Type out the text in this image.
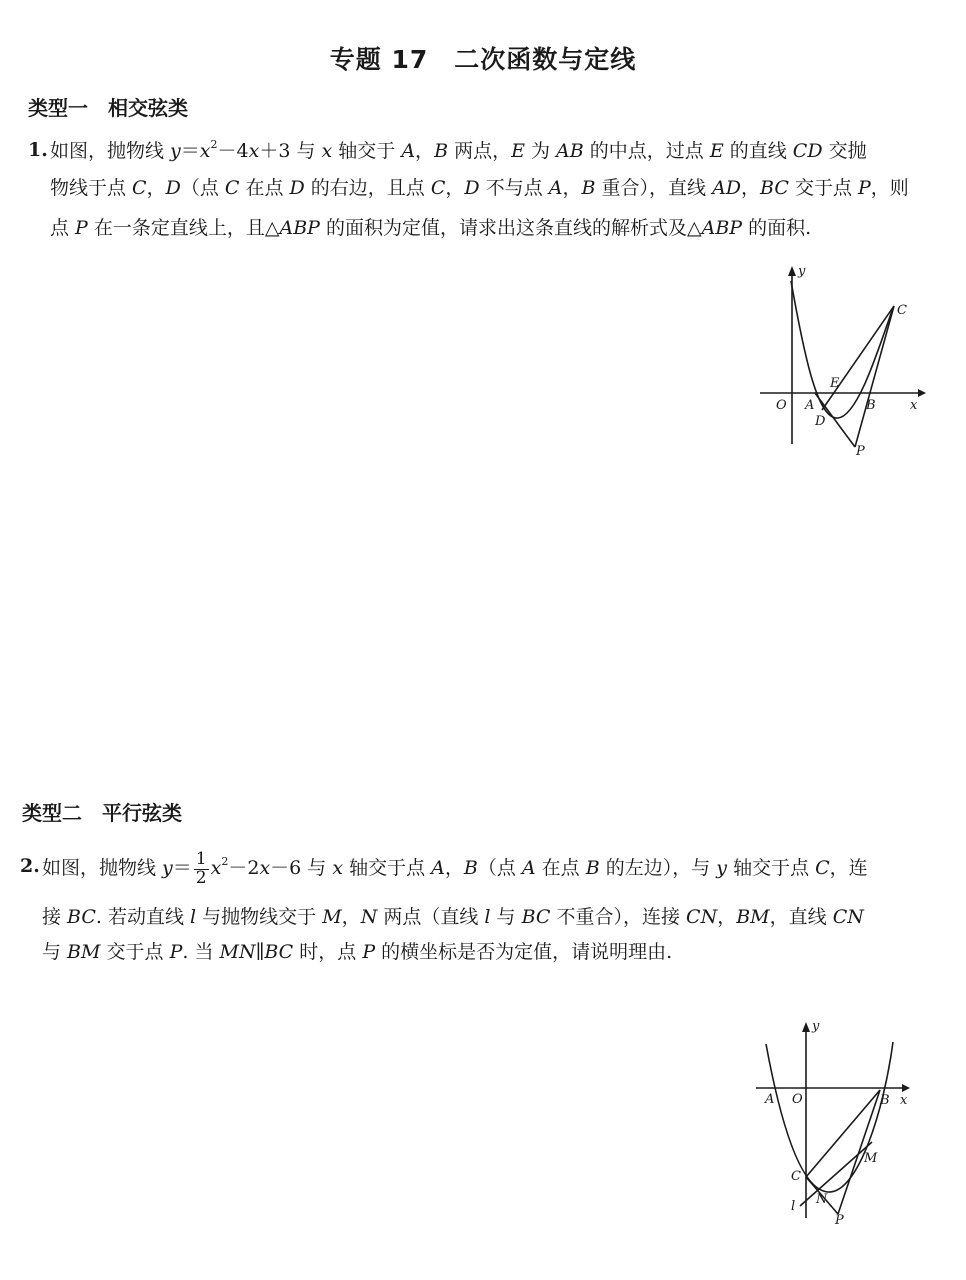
专题 17　二次函数与定线
类型一　相交弦类
1. 如图，抛物线 $y=x^2-4x+3$ 与 x 轴交于 A，B 两点，E 为 AB 的中点，过点 E 的直线 CD 交抛
物线于点 C，D（点 C 在点 D 的右边，且点 C，D 不与点 A，B 重合），直线 AD，BC 交于点 P，则
点 P 在一条定直线上，且△ABP 的面积为定值，请求出这条直线的解析式及△ABP 的面积.
y
x
O A	B
C
D
E
P
类型二　平行弦类
2. 如图，抛物线 $y= \frac{1}{2} x^2-2x-6$ 与 x 轴交于点 A，B（点 A 在点 B 的左边），与 y 轴交于点 C，连
接 BC. 若动直线 l 与抛物线交于 M，N 两点（直线 l 与 BC 不重合），连接 CN，BM，直线 CN
与 BM 交于点 P. 当 MN∥BC 时，点 P 的横坐标是否为定值，请说明理由.
y
x
A O	B
C
M
N
P
l
